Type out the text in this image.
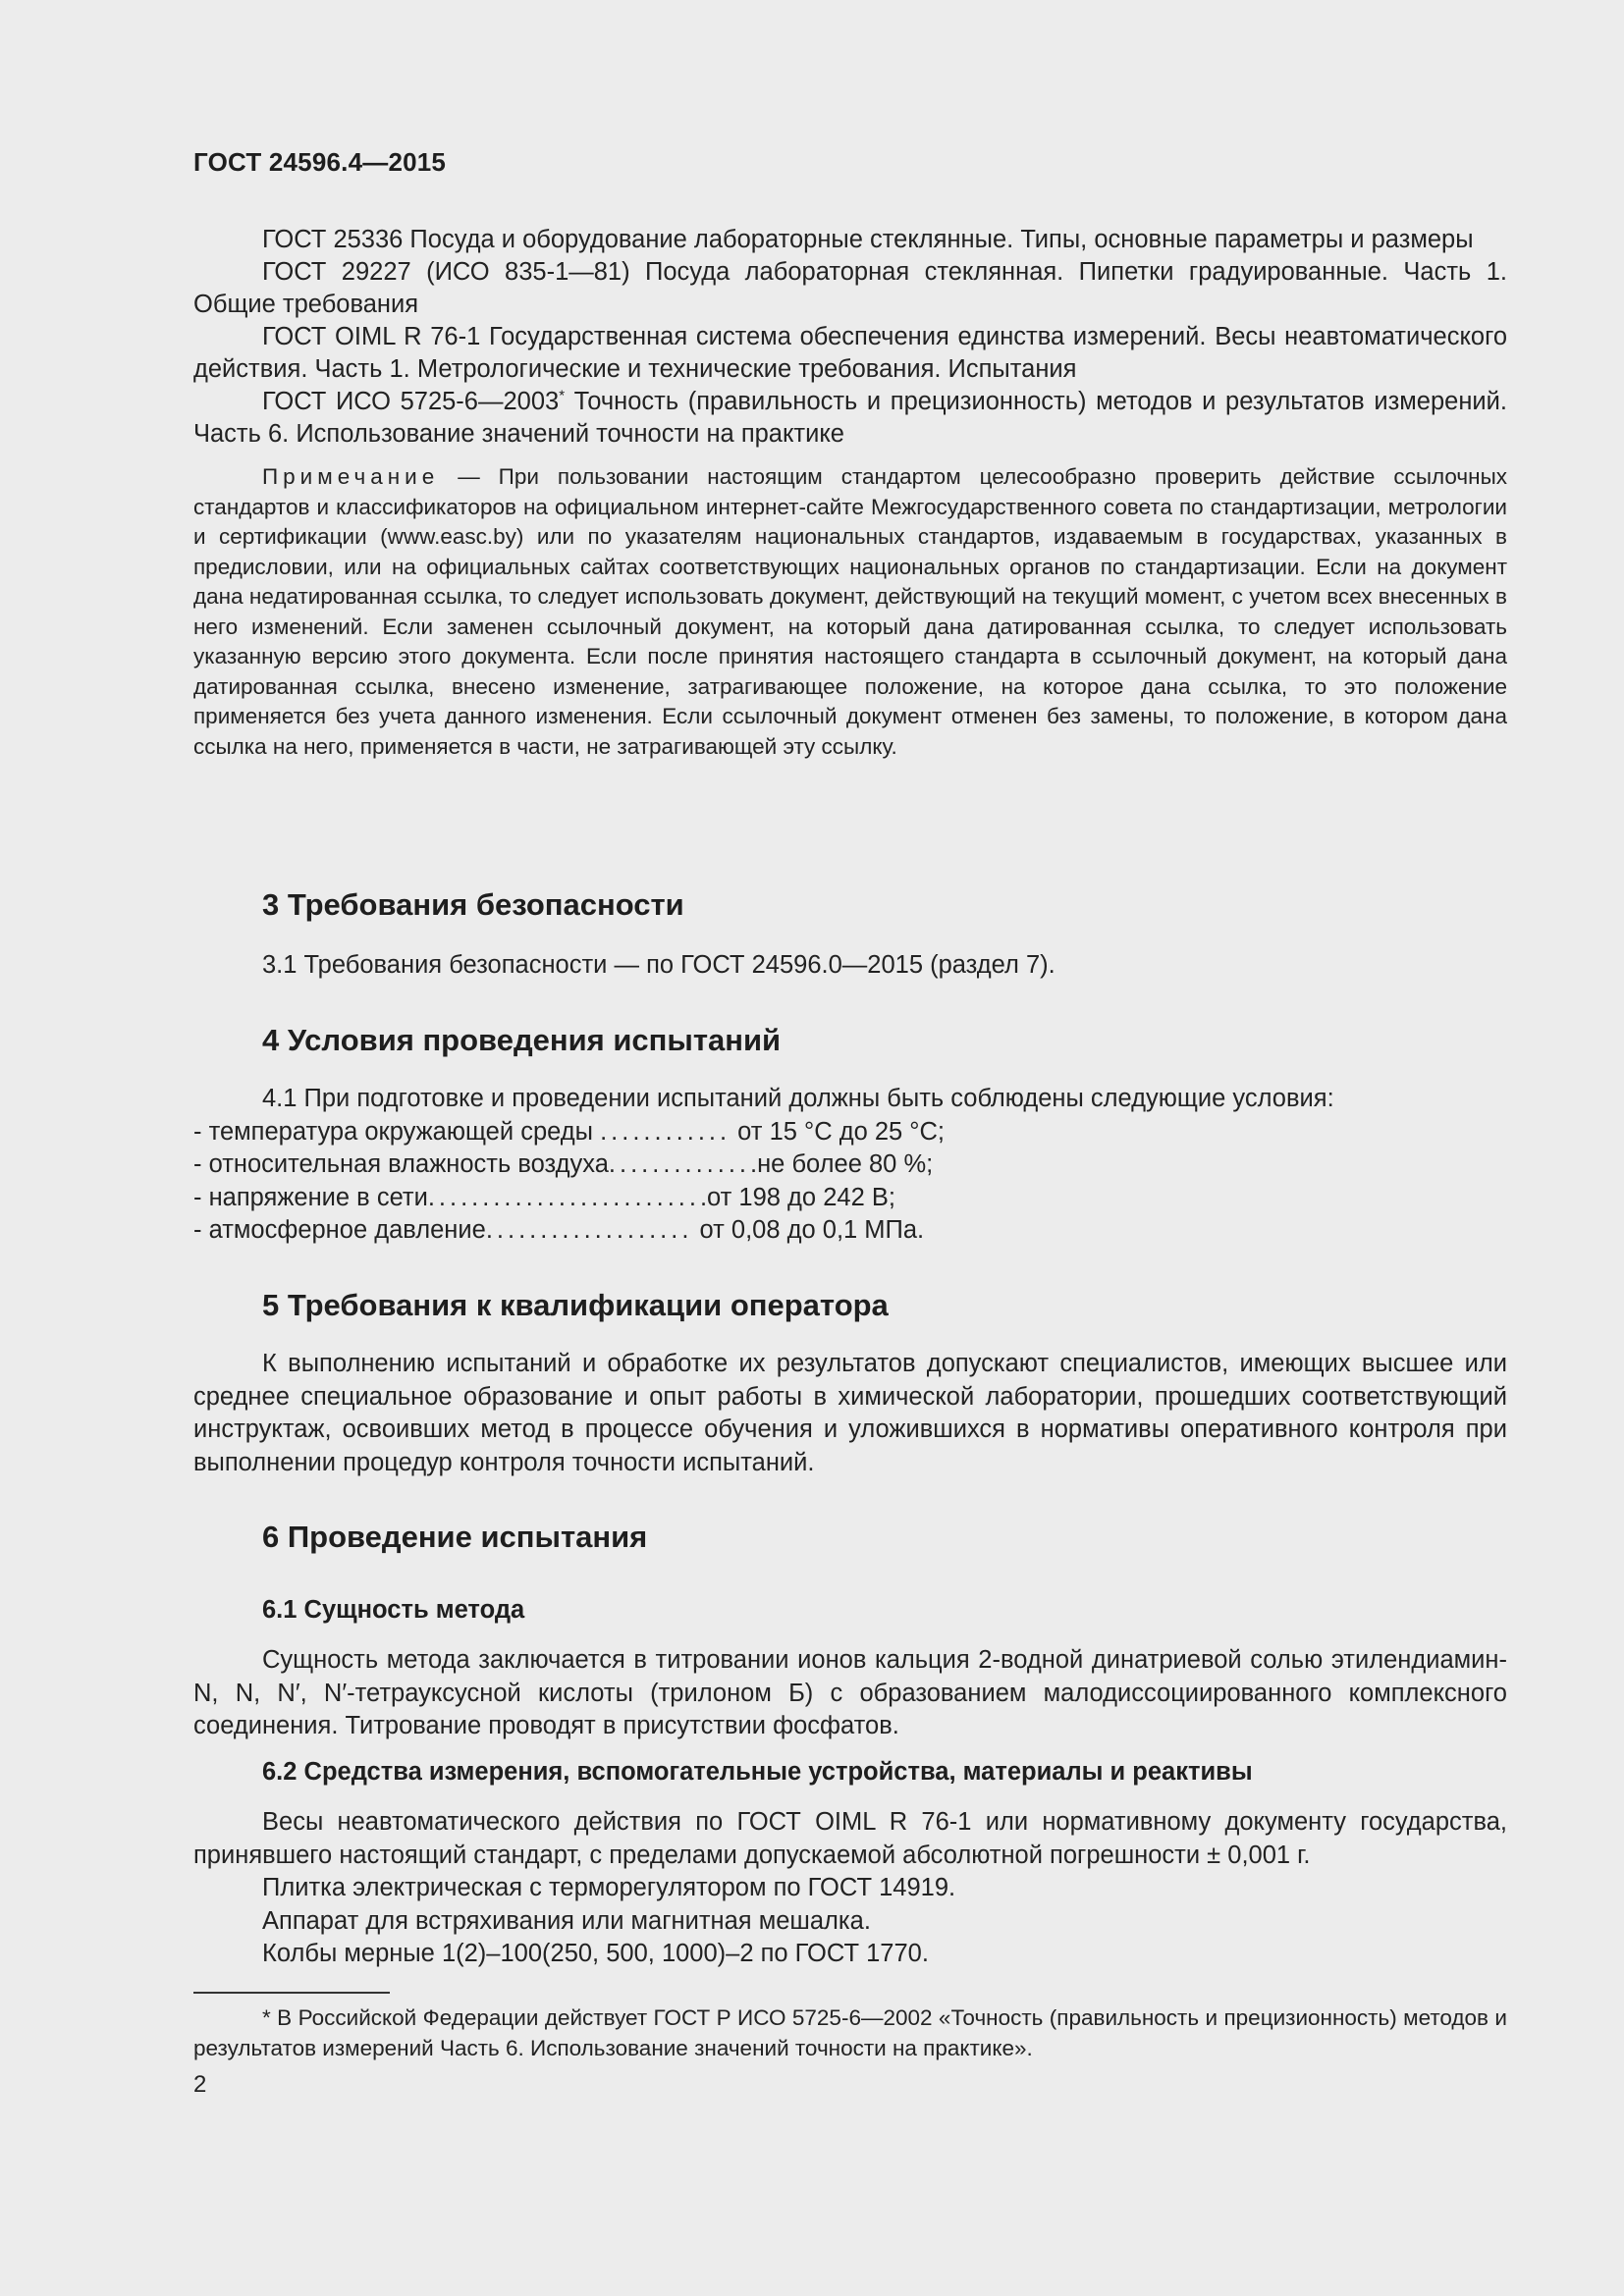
ГОСТ 24596.4—2015

ГОСТ 25336 Посуда и оборудование лабораторные стеклянные. Типы, основные параметры и размеры

ГОСТ 29227 (ИСО 835-1—81) Посуда лабораторная стеклянная. Пипетки градуированные. Часть 1. Общие требования

ГОСТ OIML R 76-1 Государственная система обеспечения единства измерений. Весы неавтоматического действия. Часть 1. Метрологические и технические требования. Испытания

ГОСТ ИСО 5725-6—2003* Точность (правильность и прецизионность) методов и результатов измерений. Часть 6. Использование значений точности на практике

Примечание — При пользовании настоящим стандартом целесообразно проверить действие ссылочных стандартов и классификаторов на официальном интернет-сайте Межгосударственного совета по стандартизации, метрологии и сертификации (www.easc.by) или по указателям национальных стандартов, издаваемым в государствах, указанных в предисловии, или на официальных сайтах соответствующих национальных органов по стандартизации. Если на документ дана недатированная ссылка, то следует использовать документ, действующий на текущий момент, с учетом всех внесенных в него изменений. Если заменен ссылочный документ, на который дана датированная ссылка, то следует использовать указанную версию этого документа. Если после принятия настоящего стандарта в ссылочный документ, на который дана датированная ссылка, внесено изменение, затрагивающее положение, на которое дана ссылка, то это положение применяется без учета данного изменения. Если ссылочный документ отменен без замены, то положение, в котором дана ссылка на него, применяется в части, не затрагивающей эту ссылку.

3 Требования безопасности

3.1 Требования безопасности — по ГОСТ 24596.0—2015 (раздел 7).

4 Условия проведения испытаний

4.1 При подготовке и проведении испытаний должны быть соблюдены следующие условия:

- температура окружающей среды ............ от 15 °С до 25 °С;

- относительная влажность воздуха..............не более 80 %;

- напряжение в сети..........................от 198 до 242 В;

- атмосферное давление................... от 0,08 до 0,1 МПа.

5 Требования к квалификации оператора

К выполнению испытаний и обработке их результатов допускают специалистов, имеющих высшее или среднее специальное образование и опыт работы в химической лаборатории, прошедших соответствующий инструктаж, освоивших метод в процессе обучения и уложившихся в нормативы оперативного контроля при выполнении процедур контроля точности испытаний.

6 Проведение испытания
6.1 Сущность метода

Сущность метода заключается в титровании ионов кальция 2-водной динатриевой солью этилендиамин-N, N, N′, N′-тетрауксусной кислоты (трилоном Б) с образованием малодиссоциированного комплексного соединения. Титрование проводят в присутствии фосфатов.

6.2 Средства измерения, вспомогательные устройства, материалы и реактивы

Весы неавтоматического действия по ГОСТ OIML R 76-1 или нормативному документу государства, принявшего настоящий стандарт, с пределами допускаемой абсолютной погрешности ± 0,001 г.

Плитка электрическая с терморегулятором по ГОСТ 14919.

Аппарат для встряхивания или магнитная мешалка.

Колбы мерные 1(2)–100(250, 500, 1000)–2 по ГОСТ 1770.

* В Российской Федерации действует ГОСТ Р ИСО 5725-6—2002 «Точность (правильность и прецизионность) методов и результатов измерений Часть 6. Использование значений точности на практике».

2
